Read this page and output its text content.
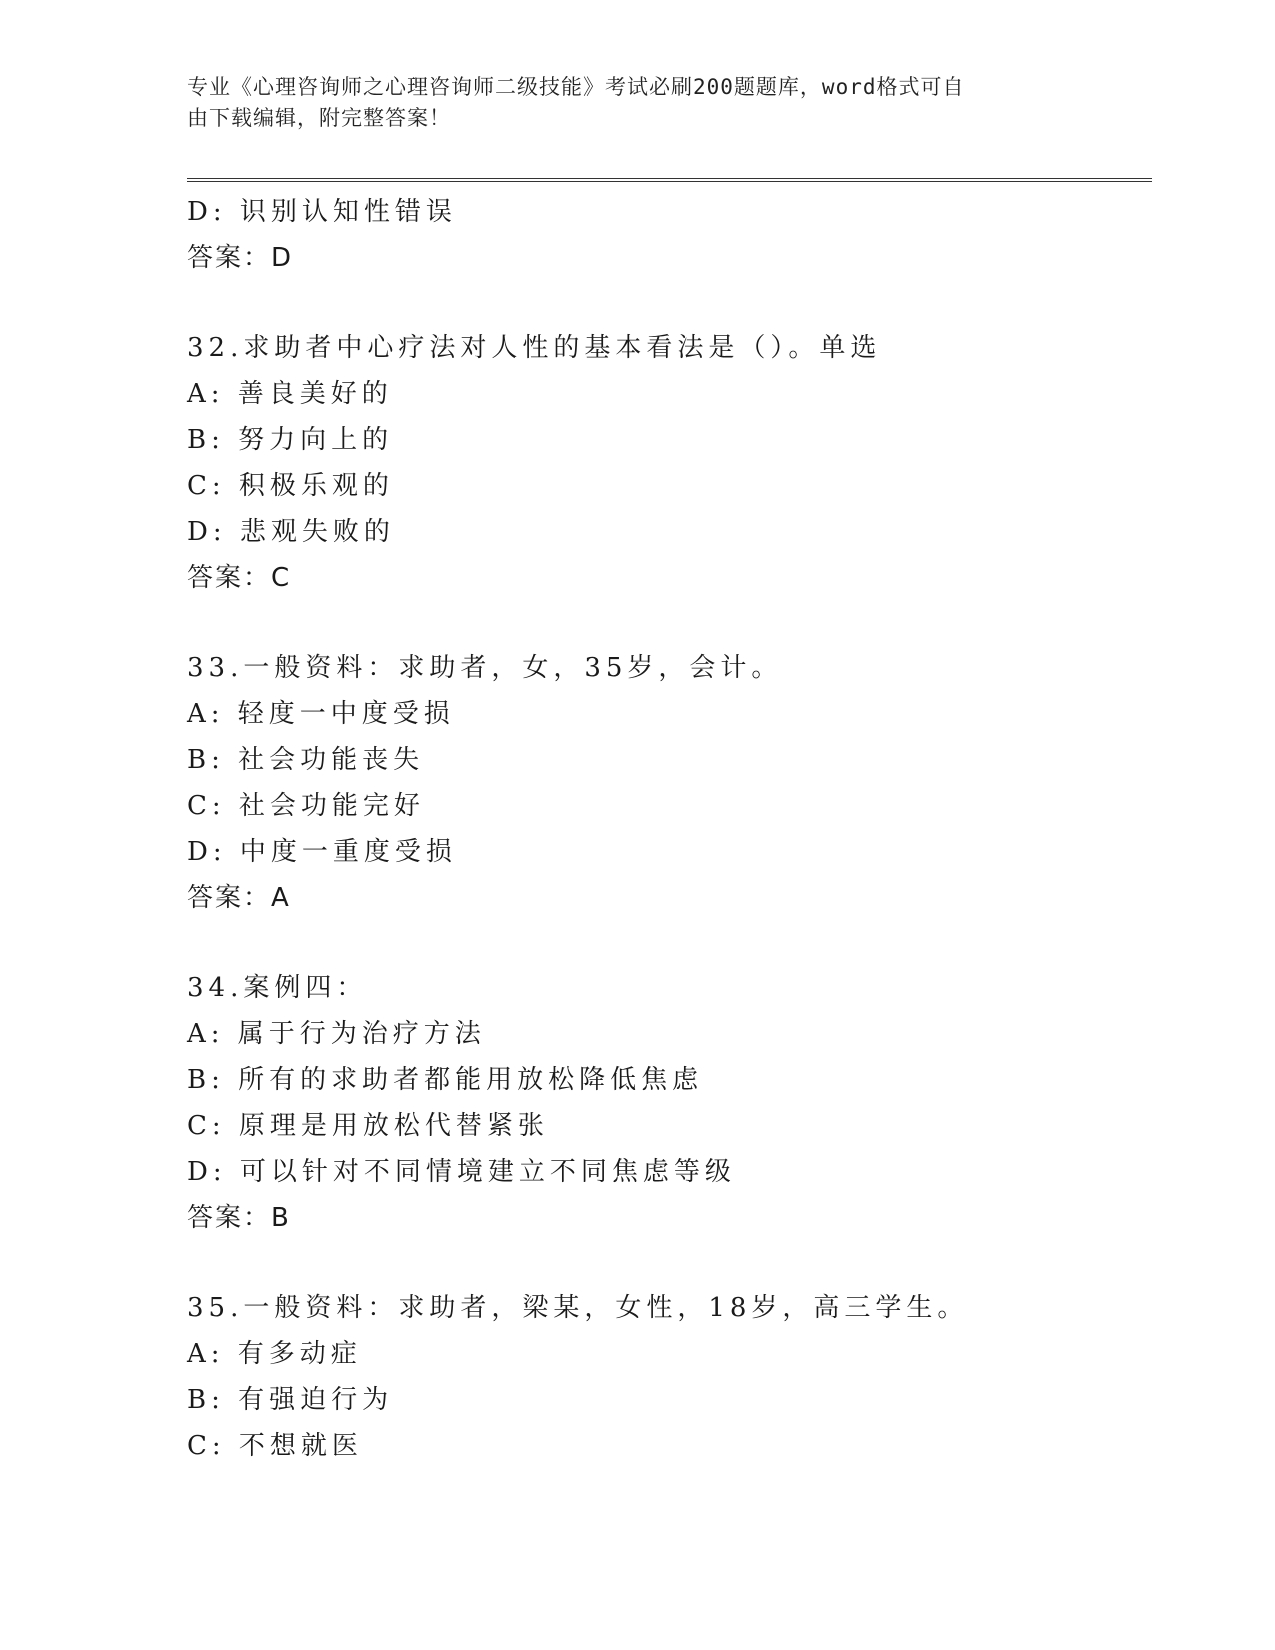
专业《心理咨询师之心理咨询师二级技能》考试必刷200题题库，word格式可自
由下载编辑，附完整答案！
D: 识别认知性错误
答案：D
32.求助者中心疗法对人性的基本看法是（）。单选
A: 善良美好的
B: 努力向上的
C: 积极乐观的
D: 悲观失败的
答案：C
33.一般资料：求助者，女，35岁，会计。
A: 轻度一中度受损
B: 社会功能丧失
C: 社会功能完好
D: 中度一重度受损
答案：A
34.案例四：
A: 属于行为治疗方法
B: 所有的求助者都能用放松降低焦虑
C: 原理是用放松代替紧张
D: 可以针对不同情境建立不同焦虑等级
答案：B
35.一般资料：求助者，梁某，女性，18岁，高三学生。
A: 有多动症
B: 有强迫行为
C: 不想就医
